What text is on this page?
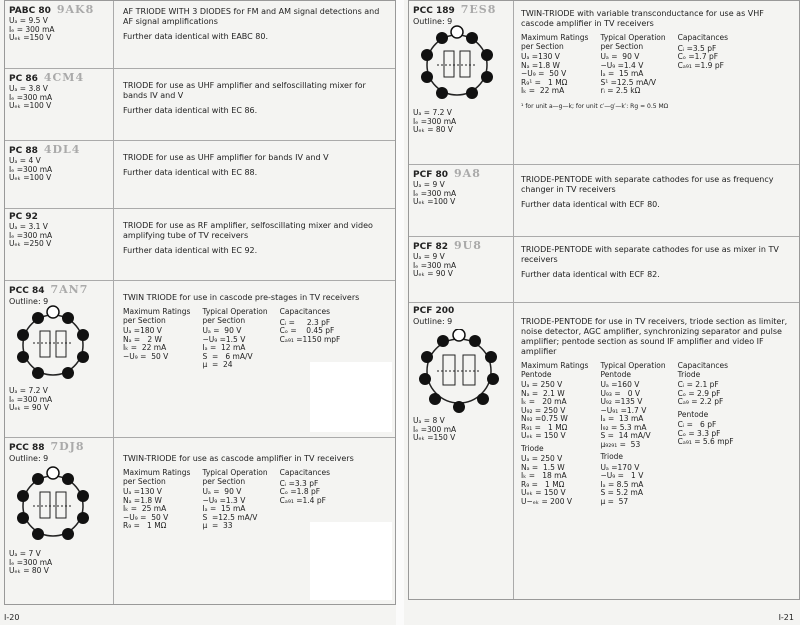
PABC 80 9AK8
Uₐ = 9.5 V
Iₑ = 300 mA
Uₑₖ =150 V
AF TRIODE WITH 3 DIODES for FM and AM signal detections and AF signal amplifications
Further data identical with EABC 80.
PC 86 4CM4
Uₐ = 3.8 V
Iₑ =300 mA
Uₑₖ =100 V
TRIODE for use as UHF amplifier and selfoscillating mixer for bands IV and V
Further data identical with EC 86.
PC 88 4DL4
Uₐ = 4 V
Iₑ =300 mA
Uₑₖ =100 V
TRIODE for use as UHF amplifier for bands IV and V
Further data identical with EC 88.
PC 92
Uₐ = 3.1 V
Iₑ =300 mA
Uₑₖ =250 V
TRIODE for use as RF amplifier, selfoscillating mixer and video amplifying tube of TV receivers
Further data identical with EC 92.
PCC 84 7AN7
Outline: 9
Uₐ = 7.2 V
Iₑ =300 mA
Uₑₖ = 90 V
TWIN TRIODE for use in cascode pre-stages in TV receivers
Maximum Ratings
per Section
Uₐ =180 V
Nₐ =   2 W
Iₖ =  22 mA
−U₉ =  50 V
Typical Operation
per Section
Uₐ =  90 V
−U₉ =1.5 V
Iₐ =  12 mA
S  =   6 mA/V
μ  =  24
Capacitances
Cᵢ =     2.3 pF
Cₒ =    0.45 pF
Cₐ₉₁ =1150 mpF
PCC 88 7DJ8
Outline: 9
Uₐ = 7 V
Iₑ =300 mA
Uₑₖ = 80 V
TWIN-TRIODE for use as cascode amplifier in TV receivers
Maximum Ratings
per Section
Uₐ =130 V
Nₐ =1.8 W
Iₖ =  25 mA
−U₉ =  50 V
R₉ =   1 MΩ
Typical Operation
per Section
Uₐ =  90 V
−U₉ =1.3 V
Iₐ =  15 mA
S  =12.5 mA/V
μ  =  33
Capacitances
Cᵢ =3.3 pF
Cₒ =1.8 pF
Cₐ₉₁ =1.4 pF
I-20
PCC 189 7ES8
Outline: 9
Uₐ = 7.2 V
Iₑ =300 mA
Uₑₖ = 80 V
TWIN-TRIODE with variable transconductance for use as VHF cascode amplifier in TV receivers
Maximum Ratings
per Section
Uₐ =130 V
Nₐ =1.8 W
−U₉ =  50 V
R₉¹ =   1 MΩ
Iₖ =  22 mA
Typical Operation
per Section
Uₐ =  90 V
−U₉ =1.4 V
Iₐ =  15 mA
S¹ =12.5 mA/V
rᵢ = 2.5 kΩ
Capacitances
Cᵢ =3.5 pF
Cₒ =1.7 pF
Cₐ₉₁ =1.9 pF
¹ for unit a—g—k; for unit c′—g′—k′: Rg = 0.5 MΩ
PCF 80 9A8
Uₐ = 9 V
Iₑ =300 mA
Uₑₖ =100 V
TRIODE-PENTODE with separate cathodes for use as frequency changer in TV receivers
Further data identical with ECF 80.
PCF 82 9U8
Uₐ = 9 V
Iₑ =300 mA
Uₑₖ = 90 V
TRIODE-PENTODE with separate cathodes for use as mixer in TV receivers
Further data identical with ECF 82.
PCF 200
Outline: 9
Uₐ = 8 V
Iₑ =300 mA
Uₑₖ =150 V
TRIODE-PENTODE for use in TV receivers, triode section as limiter, noise detector, AGC amplifier, synchronizing separator and pulse amplifier; pentode section as sound IF amplifier and video IF amplifier
Maximum Ratings
Pentode
Uₐ = 250 V
Nₐ =  2.1 W
Iₖ =   20 mA
U₉₂ = 250 V
N₉₂ =0.75 W
R₉₁ =   1 MΩ
Uₑₖ = 150 V
Triode
Uₐ = 250 V
Nₐ =  1.5 W
Iₖ =   18 mA
R₉ =   1 MΩ
Uₑₖ = 150 V
U−ₑₖ = 200 V
Typical Operation
Pentode
Uₐ =160 V
U₉₃ =   0 V
U₉₂ =135 V
−U₉₁ =1.7 V
Iₐ =  13 mA
I₉₂ = 5.3 mA
S =  14 mA/V
μ₉₂₉₁ =  53
Triode
Uₐ =170 V
−U₉ =   1 V
Iₐ = 8.5 mA
S = 5.2 mA
μ =  57
Capacitances
Triode
Cᵢ = 2.1 pF
Cₒ = 2.9 pF
Cₐ₉ = 2.2 pF
Pentode
Cᵢ =   6 pF
Cₒ = 3.3 pF
Cₐ₉₁ = 5.6 mpF
I-21
